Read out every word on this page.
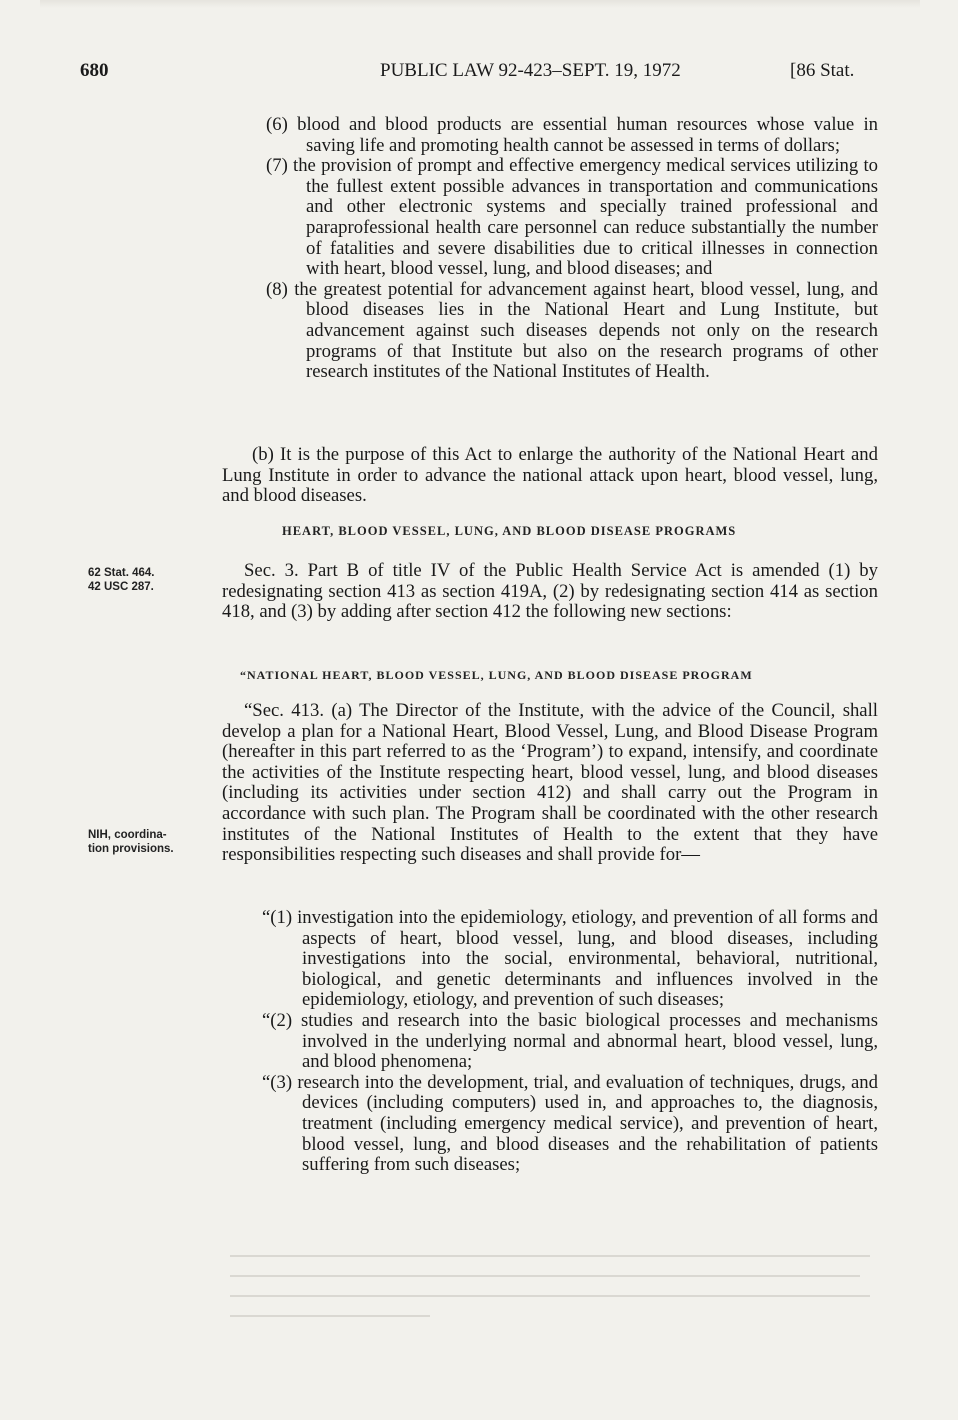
680	PUBLIC LAW 92-423–SEPT. 19, 1972	[86 Stat.

(6) blood and blood products are essential human resources whose value in saving life and promoting health cannot be assessed in terms of dollars;

(7) the provision of prompt and effective emergency medical services utilizing to the fullest extent possible advances in transportation and communications and other electronic systems and specially trained professional and paraprofessional health care personnel can reduce substantially the number of fatalities and severe disabilities due to critical illnesses in connection with heart, blood vessel, lung, and blood diseases; and

(8) the greatest potential for advancement against heart, blood vessel, lung, and blood diseases lies in the National Heart and Lung Institute, but advancement against such diseases depends not only on the research programs of that Institute but also on the research programs of other research institutes of the National Institutes of Health.

(b) It is the purpose of this Act to enlarge the authority of the National Heart and Lung Institute in order to advance the national attack upon heart, blood vessel, lung, and blood diseases.

HEART, BLOOD VESSEL, LUNG, AND BLOOD DISEASE PROGRAMS
62 Stat. 464.
42 USC 287.

Sec. 3. Part B of title IV of the Public Health Service Act is amended (1) by redesignating section 413 as section 419A, (2) by redesignating section 414 as section 418, and (3) by adding after section 412 the following new sections:

“NATIONAL HEART, BLOOD VESSEL, LUNG, AND BLOOD DISEASE PROGRAM

“Sec. 413. (a) The Director of the Institute, with the advice of the Council, shall develop a plan for a National Heart, Blood Vessel, Lung, and Blood Disease Program (hereafter in this part referred to as the ‘Program’) to expand, intensify, and coordinate the activities of the Institute respecting heart, blood vessel, lung, and blood diseases (including its activities under section 412) and shall carry out the Program in accordance with such plan. The Program shall be coordinated with the other research institutes of the National Institutes of Health to the extent that they have responsibilities respecting such diseases and shall provide for—

NIH, coordina-
tion provisions.

“(1) investigation into the epidemiology, etiology, and prevention of all forms and aspects of heart, blood vessel, lung, and blood diseases, including investigations into the social, environmental, behavioral, nutritional, biological, and genetic determinants and influences involved in the epidemiology, etiology, and prevention of such diseases;

“(2) studies and research into the basic biological processes and mechanisms involved in the underlying normal and abnormal heart, blood vessel, lung, and blood phenomena;

“(3) research into the development, trial, and evaluation of techniques, drugs, and devices (including computers) used in, and approaches to, the diagnosis, treatment (including emergency medical service), and prevention of heart, blood vessel, lung, and blood diseases and the rehabilitation of patients suffering from such diseases;
